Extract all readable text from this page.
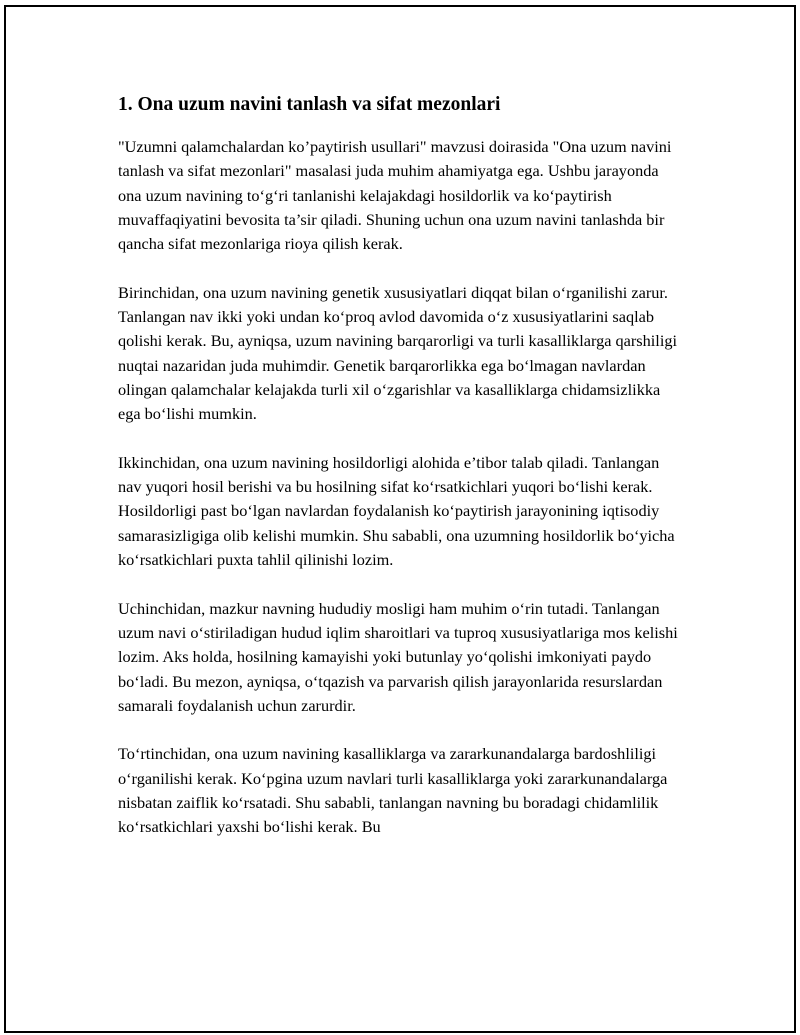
1. Ona uzum navini tanlash va sifat mezonlari

"Uzumni qalamchalardan ko’paytirish usullari" mavzusi doirasida "Ona uzum navini tanlash va sifat mezonlari" masalasi juda muhim ahamiyatga ega. Ushbu jarayonda ona uzum navining to‘g‘ri tanlanishi kelajakdagi hosildorlik va ko‘paytirish muvaffaqiyatini bevosita ta’sir qiladi. Shuning uchun ona uzum navini tanlashda bir qancha sifat mezonlariga rioya qilish kerak.

Birinchidan, ona uzum navining genetik xususiyatlari diqqat bilan o‘rganilishi zarur. Tanlangan nav ikki yoki undan ko‘proq avlod davomida o‘z xususiyatlarini saqlab qolishi kerak. Bu, ayniqsa, uzum navining barqarorligi va turli kasalliklarga qarshiligi nuqtai nazaridan juda muhimdir. Genetik barqarorlikka ega bo‘lmagan navlardan olingan qalamchalar kelajakda turli xil o‘zgarishlar va kasalliklarga chidamsizlikka ega bo‘lishi mumkin.

Ikkinchidan, ona uzum navining hosildorligi alohida e’tibor talab qiladi. Tanlangan nav yuqori hosil berishi va bu hosilning sifat ko‘rsatkichlari yuqori bo‘lishi kerak. Hosildorligi past bo‘lgan navlardan foydalanish ko‘paytirish jarayonining iqtisodiy samarasizligiga olib kelishi mumkin. Shu sababli, ona uzumning hosildorlik bo‘yicha ko‘rsatkichlari puxta tahlil qilinishi lozim.

Uchinchidan, mazkur navning hududiy mosligi ham muhim o‘rin tutadi. Tanlangan uzum navi o‘stiriladigan hudud iqlim sharoitlari va tuproq xususiyatlariga mos kelishi lozim. Aks holda, hosilning kamayishi yoki butunlay yo‘qolishi imkoniyati paydo bo‘ladi. Bu mezon, ayniqsa, o‘tqazish va parvarish qilish jarayonlarida resurslardan samarali foydalanish uchun zarurdir.

To‘rtinchidan, ona uzum navining kasalliklarga va zararkunandalarga bardoshliligi o‘rganilishi kerak. Ko‘pgina uzum navlari turli kasalliklarga yoki zararkunandalarga nisbatan zaiflik ko‘rsatadi. Shu sababli, tanlangan navning bu boradagi chidamlilik ko‘rsatkichlari yaxshi bo‘lishi kerak. Bu
